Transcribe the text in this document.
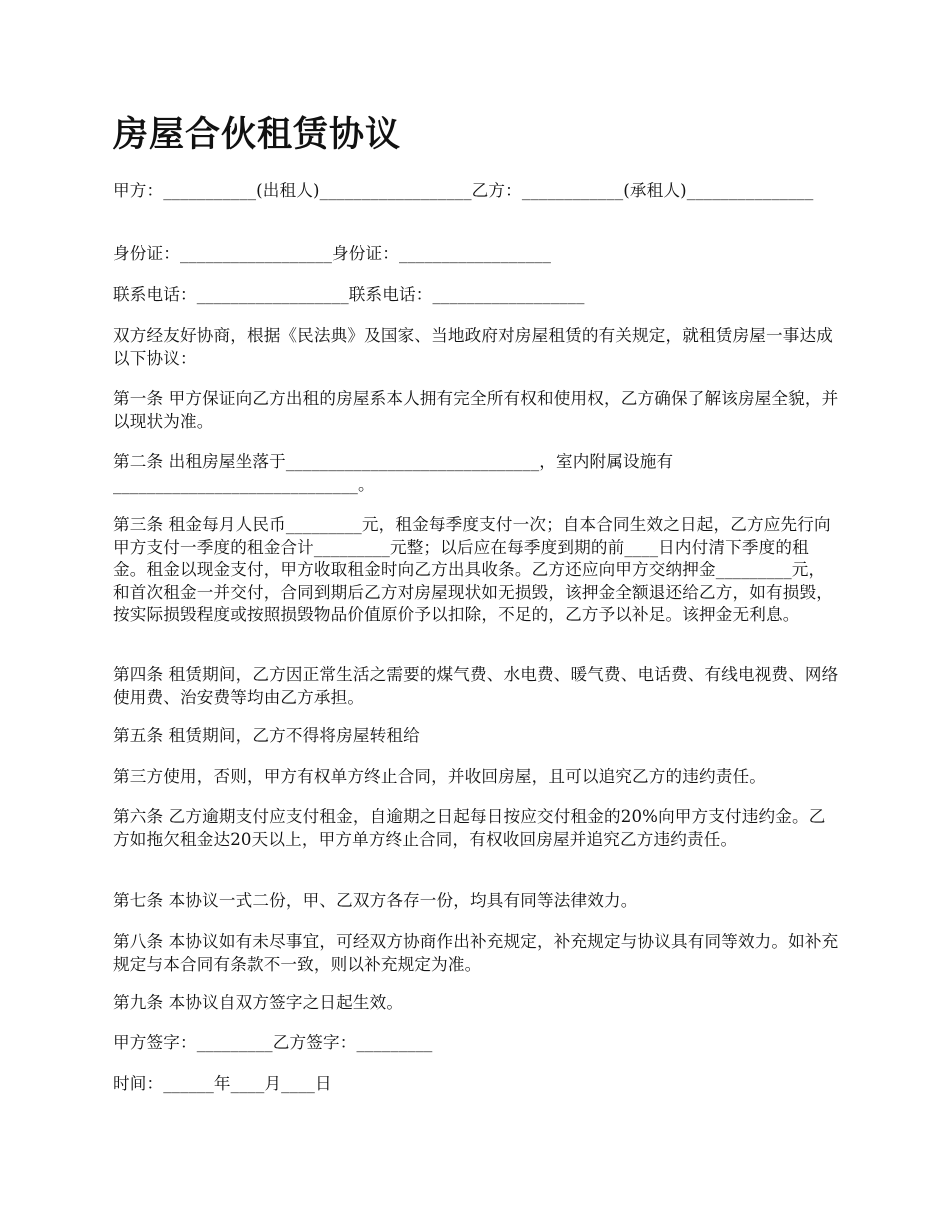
房屋合伙租赁协议

甲方：___________(出租人)__________________乙方：____________(承租人)_______________

身份证：__________________身份证：__________________

联系电话：__________________联系电话：__________________

双方经友好协商，根据《民法典》及国家、当地政府对房屋租赁的有关规定，就租赁房屋一事达成以下协议：

第一条 甲方保证向乙方出租的房屋系本人拥有完全所有权和使用权，乙方确保了解该房屋全貌，并以现状为准。

第二条 出租房屋坐落于______________________________，室内附属设施有_____________________________。

第三条 租金每月人民币_________元，租金每季度支付一次；自本合同生效之日起，乙方应先行向甲方支付一季度的租金合计_________元整；以后应在每季度到期的前____日内付清下季度的租金。租金以现金支付，甲方收取租金时向乙方出具收条。乙方还应向甲方交纳押金_________元，和首次租金一并交付，合同到期后乙方对房屋现状如无损毁，该押金全额退还给乙方，如有损毁，按实际损毁程度或按照损毁物品价值原价予以扣除，不足的，乙方予以补足。该押金无利息。

第四条 租赁期间，乙方因正常生活之需要的煤气费、水电费、暖气费、电话费、有线电视费、网络使用费、治安费等均由乙方承担。

第五条 租赁期间，乙方不得将房屋转租给

第三方使用，否则，甲方有权单方终止合同，并收回房屋，且可以追究乙方的违约责任。

第六条 乙方逾期支付应支付租金，自逾期之日起每日按应交付租金的20%向甲方支付违约金。乙方如拖欠租金达20天以上，甲方单方终止合同，有权收回房屋并追究乙方违约责任。

第七条 本协议一式二份，甲、乙双方各存一份，均具有同等法律效力。

第八条 本协议如有未尽事宜，可经双方协商作出补充规定，补充规定与协议具有同等效力。如补充规定与本合同有条款不一致，则以补充规定为准。

第九条 本协议自双方签字之日起生效。

甲方签字：_________乙方签字：_________

时间：______年____月____日
